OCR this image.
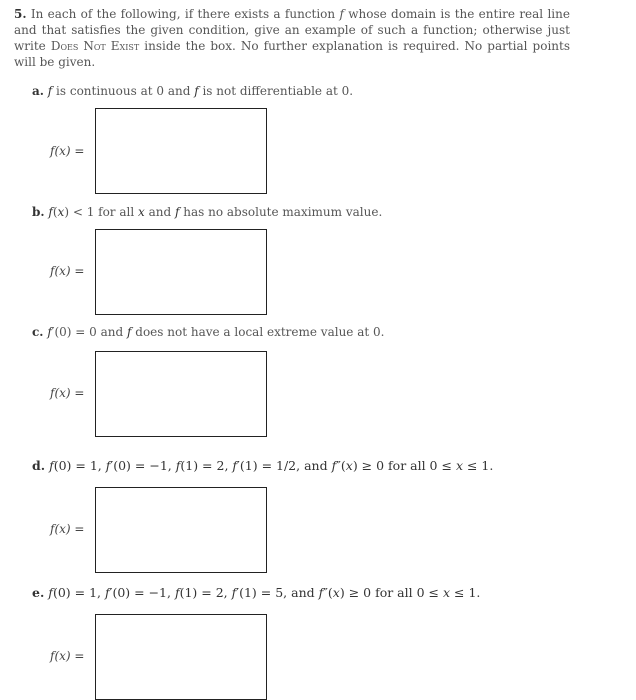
5. In each of the following, if there exists a function f whose domain is the entire real line and that satisfies the given condition, give an example of such a function; otherwise just write Does Not Exist inside the box. No further explanation is required. No partial points will be given.
a. f is continuous at 0 and f is not differentiable at 0.
f(x) =
b. f(x) < 1 for all x and f has no absolute maximum value.
f(x) =
c. f′(0) = 0 and f does not have a local extreme value at 0.
f(x) =
d. f(0) = 1, f′(0) = −1, f(1) = 2, f′(1) = 1/2, and f″(x) ≥ 0 for all 0 ≤ x ≤ 1.
f(x) =
e. f(0) = 1, f′(0) = −1, f(1) = 2, f′(1) = 5, and f″(x) ≥ 0 for all 0 ≤ x ≤ 1.
f(x) =
